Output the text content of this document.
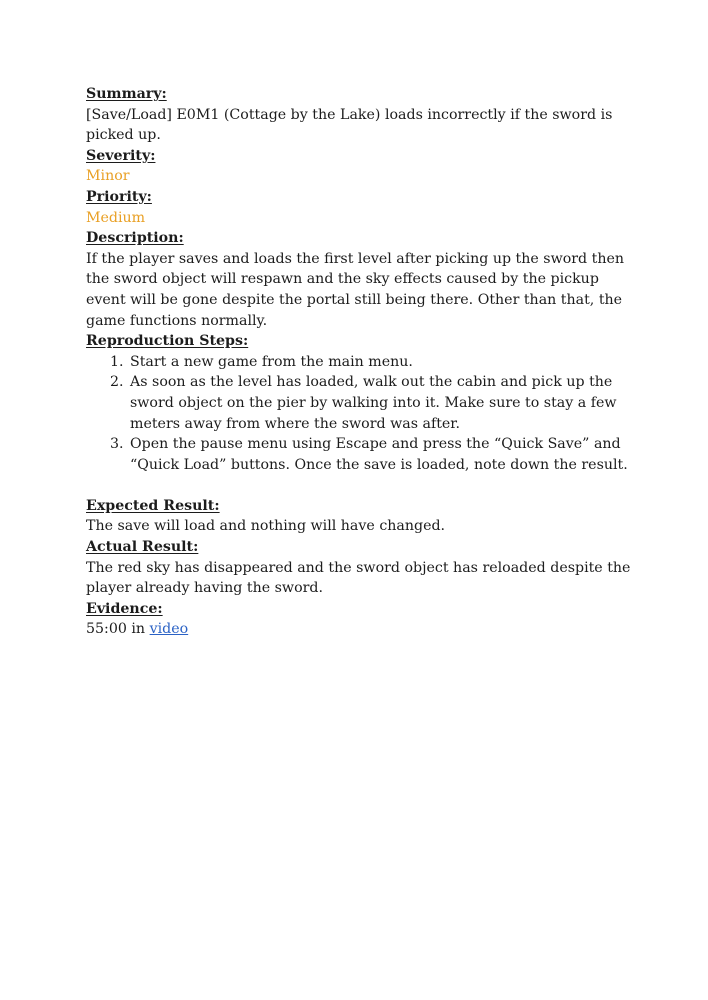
Summary:

[Save/Load] E0M1 (Cottage by the Lake) loads incorrectly if the sword is picked up.

Severity:
Minor
Priority:
Medium
Description:

If the player saves and loads the first level after picking up the sword then the sword object will respawn and the sky effects caused by the pickup event will be gone despite the portal still being there. Other than that, the game functions normally.

Reproduction Steps:
1. Start a new game from the main menu.
2. As soon as the level has loaded, walk out the cabin and pick up the sword object on the pier by walking into it. Make sure to stay a few meters away from where the sword was after.
3. Open the pause menu using Escape and press the “Quick Save” and “Quick Load” buttons. Once the save is loaded, note down the result.
Expected Result:

The save will load and nothing will have changed.

Actual Result:

The red sky has disappeared and the sword object has reloaded despite the player already having the sword.

Evidence:
55:00 in video
